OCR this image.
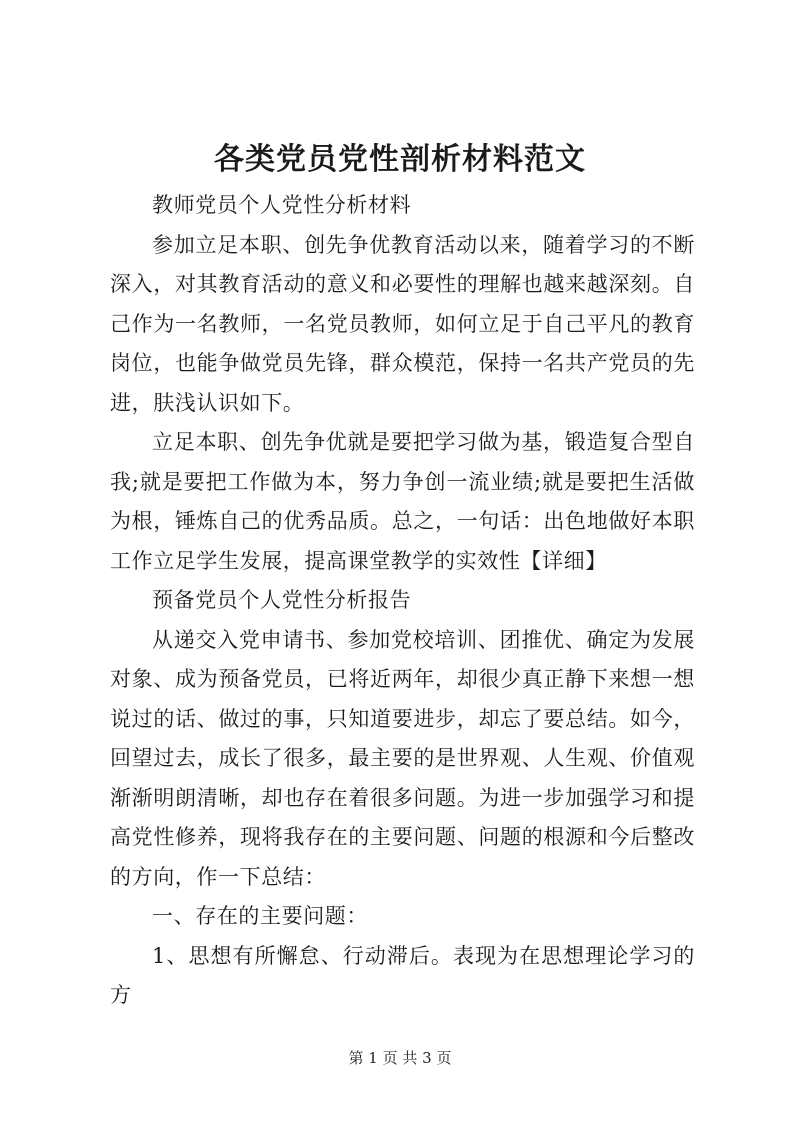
各类党员党性剖析材料范文

教师党员个人党性分析材料

参加立足本职、创先争优教育活动以来，随着学习的不断深入，对其教育活动的意义和必要性的理解也越来越深刻。自己作为一名教师，一名党员教师，如何立足于自己平凡的教育岗位，也能争做党员先锋，群众模范，保持一名共产党员的先进，肤浅认识如下。

立足本职、创先争优就是要把学习做为基，锻造复合型自我;就是要把工作做为本，努力争创一流业绩;就是要把生活做为根，锤炼自己的优秀品质。总之，一句话：出色地做好本职工作立足学生发展，提高课堂教学的实效性【详细】

预备党员个人党性分析报告

从递交入党申请书、参加党校培训、团推优、确定为发展对象、成为预备党员，已将近两年，却很少真正静下来想一想说过的话、做过的事，只知道要进步，却忘了要总结。如今，回望过去，成长了很多，最主要的是世界观、人生观、价值观渐渐明朗清晰，却也存在着很多问题。为进一步加强学习和提高党性修养，现将我存在的主要问题、问题的根源和今后整改的方向，作一下总结：

一、存在的主要问题：

1、思想有所懈怠、行动滞后。表现为在思想理论学习的方

第 1 页 共 3 页
